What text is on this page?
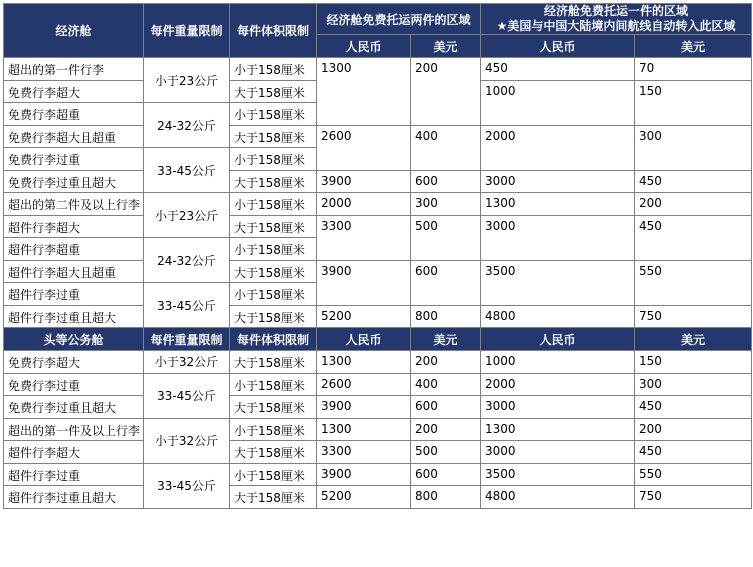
经济舱	每件重量限制	每件体积限制	经济舱免费托运两件的区域		经济舱免费托运一件的区域
★美国与中国大陆境内间航线自动转入此区域	

			人民币	美元	人民币	美元
超出的第一件行李	小于23公斤	小于158厘米	1300	200	450	70
免费行李超大		大于158厘米			1000	150
免费行李超重	24-32公斤	小于158厘米				
免费行李超大且超重		大于158厘米	2600	400	2000	300
免费行李过重	33-45公斤	小于158厘米				
免费行李过重且超大		大于158厘米	3900	600	3000	450
超出的第二件及以上行李	小于23公斤	小于158厘米	2000	300	1300	200
超件行李超大		大于158厘米	3300	500	3000	450
超件行李超重	24-32公斤	小于158厘米				
超件行李超大且超重		大于158厘米	3900	600	3500	550
超件行李过重	33-45公斤	小于158厘米				
超件行李过重且超大		大于158厘米	5200	800	4800	750
头等公务舱	每件重量限制	每件体积限制	人民币	美元	人民币	美元
免费行李超大	小于32公斤	大于158厘米	1300	200	1000	150

免费行李过重	33-45公斤	小于158厘米	2600	400	2000	300
免费行李过重且超大		大于158厘米	3900	600	3000	450
超出的第一件及以上行李	小于32公斤	小于158厘米	1300	200	1300	200
超件行李超大		大于158厘米	3300	500	3000	450
超件行李过重	33-45公斤	小于158厘米	3900	600	3500	550
超件行李过重且超大		大于158厘米	5200	800	4800	750
